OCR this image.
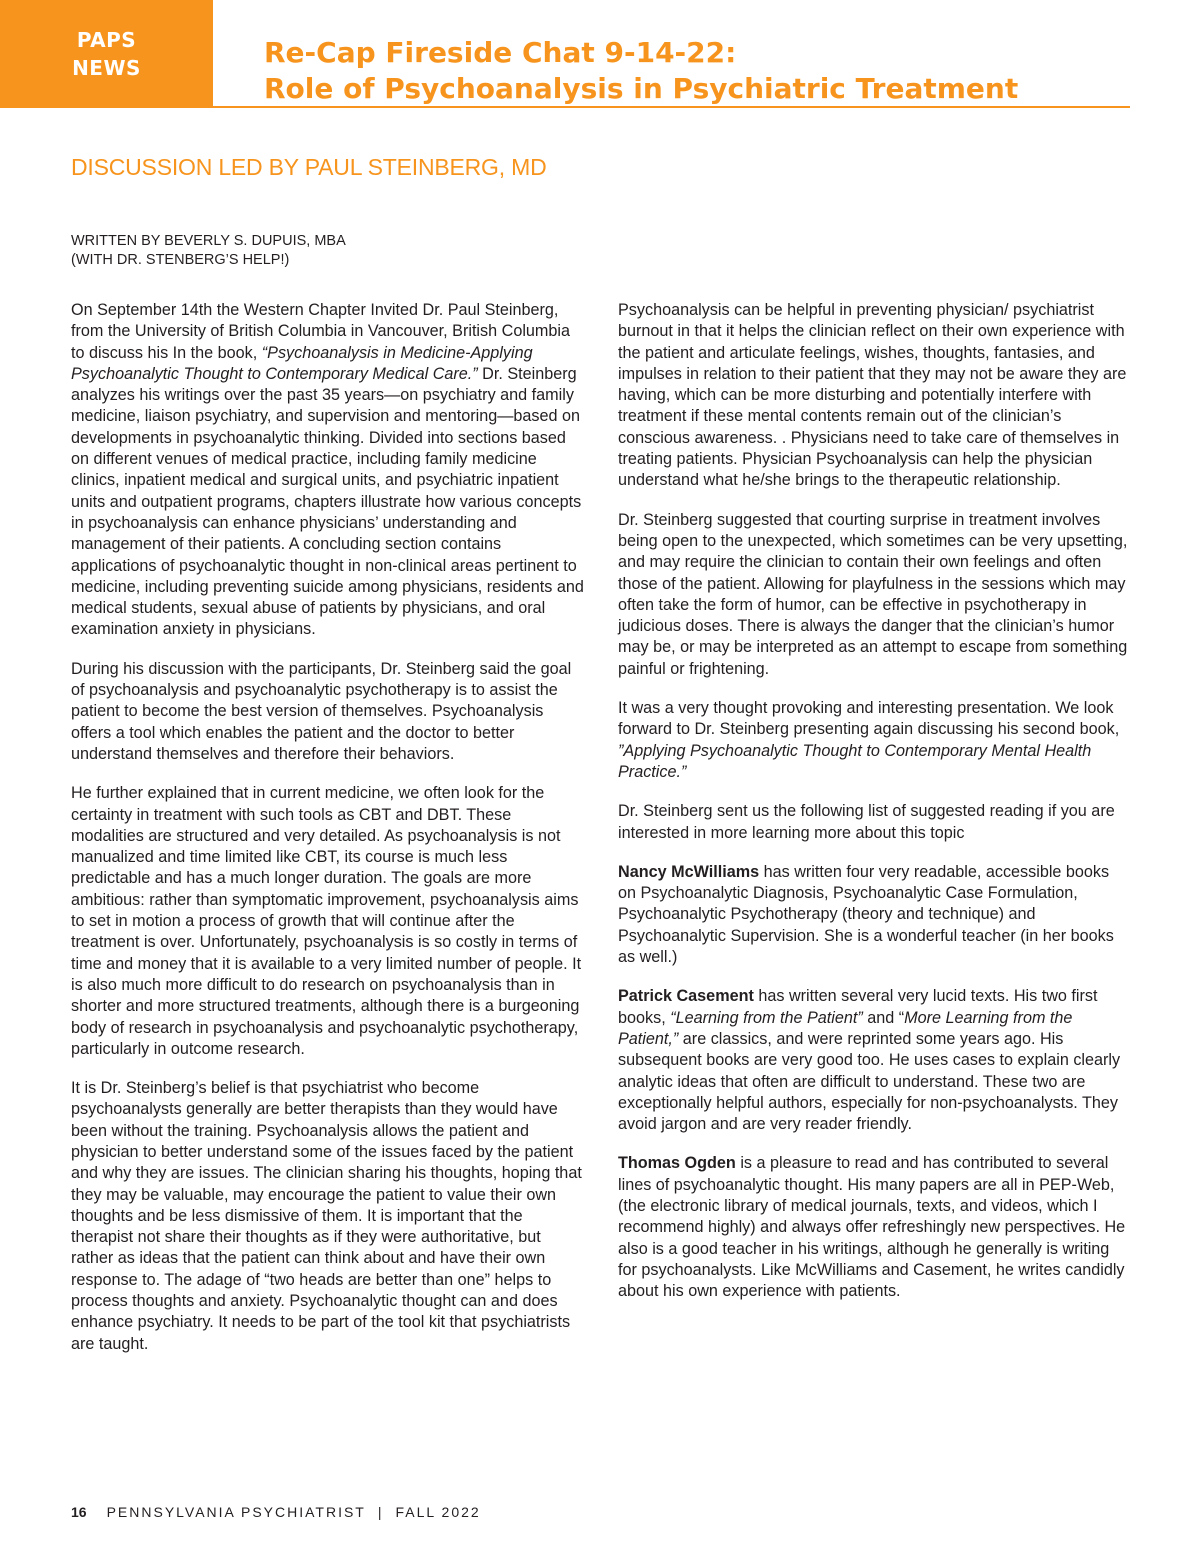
PAPS
NEWS	Re-Cap Fireside Chat 9-14-22:
Role of Psychoanalysis in Psychiatric Treatment
DISCUSSION LED BY PAUL STEINBERG, MD
WRITTEN BY BEVERLY S. DUPUIS, MBA
(WITH DR. STENBERG’S HELP!)

On September 14th the Western Chapter Invited Dr. Paul Steinberg, from the University of British Columbia in Vancouver, British Columbia to discuss his In the book, “Psychoanalysis in Medicine-Applying Psychoanalytic Thought to Contemporary Medical Care.” Dr. Steinberg analyzes his writings over the past 35 years—on psychiatry and family medicine, liaison psychiatry, and supervision and mentoring—based on developments in psychoanalytic thinking. Divided into sections based on different venues of medical practice, including family medicine clinics, inpatient medical and surgical units, and psychiatric inpatient units and outpatient programs, chapters illustrate how various concepts in psychoanalysis can enhance physicians’ understanding and management of their patients. A concluding section contains applications of psychoanalytic thought in non-clinical areas pertinent to medicine, including preventing suicide among physicians, residents and medical students, sexual abuse of patients by physicians, and oral examination anxiety in physicians.

During his discussion with the participants, Dr. Steinberg said the goal of psychoanalysis and psychoanalytic psychotherapy is to assist the patient to become the best version of themselves. Psychoanalysis offers a tool which enables the patient and the doctor to better understand themselves and therefore their behaviors.

He further explained that in current medicine, we often look for the certainty in treatment with such tools as CBT and DBT. These modalities are structured and very detailed. As psychoanalysis is not manualized and time limited like CBT, its course is much less predictable and has a much longer duration. The goals are more ambitious: rather than symptomatic improvement, psychoanalysis aims to set in motion a process of growth that will continue after the treatment is over. Unfortunately, psychoanalysis is so costly in terms of time and money that it is available to a very limited number of people. It is also much more difficult to do research on psychoanalysis than in shorter and more structured treatments, although there is a burgeoning body of research in psychoanalysis and psychoanalytic psychotherapy, particularly in outcome research.

It is Dr. Steinberg’s belief is that psychiatrist who become psychoanalysts generally are better therapists than they would have been without the training. Psychoanalysis allows the patient and physician to better understand some of the issues faced by the patient and why they are issues. The clinician sharing his thoughts, hoping that they may be valuable, may encourage the patient to value their own thoughts and be less dismissive of them. It is important that the therapist not share their thoughts as if they were authoritative, but rather as ideas that the patient can think about and have their own response to. The adage of “two heads are better than one” helps to process thoughts and anxiety. Psychoanalytic thought can and does enhance psychiatry. It needs to be part of the tool kit that psychiatrists are taught.

Psychoanalysis can be helpful in preventing physician/ psychiatrist burnout in that it helps the clinician reflect on their own experience with the patient and articulate feelings, wishes, thoughts, fantasies, and impulses in relation to their patient that they may not be aware they are having, which can be more disturbing and potentially interfere with treatment if these mental contents remain out of the clinician’s conscious awareness. . Physicians need to take care of themselves in treating patients. Physician Psychoanalysis can help the physician understand what he/she brings to the therapeutic relationship.

Dr. Steinberg suggested that courting surprise in treatment involves being open to the unexpected, which sometimes can be very upsetting, and may require the clinician to contain their own feelings and often those of the patient. Allowing for playfulness in the sessions which may often take the form of humor, can be effective in psychotherapy in judicious doses. There is always the danger that the clinician’s humor may be, or may be interpreted as an attempt to escape from something painful or frightening.

It was a very thought provoking and interesting presentation. We look forward to Dr. Steinberg presenting again discussing his second book, ”Applying Psychoanalytic Thought to Contemporary Mental Health Practice.”

Dr. Steinberg sent us the following list of suggested reading if you are interested in more learning more about this topic

Nancy McWilliams has written four very readable, accessible books on Psychoanalytic Diagnosis, Psychoanalytic Case Formulation, Psychoanalytic Psychotherapy (theory and technique) and Psychoanalytic Supervision. She is a wonderful teacher (in her books as well.)

Patrick Casement has written several very lucid texts. His two first books, “Learning from the Patient” and “More Learning from the Patient,” are classics, and were reprinted some years ago. His subsequent books are very good too. He uses cases to explain clearly analytic ideas that often are difficult to understand. These two are exceptionally helpful authors, especially for non-psychoanalysts. They avoid jargon and are very reader friendly.

Thomas Ogden is a pleasure to read and has contributed to several lines of psychoanalytic thought. His many papers are all in PEP-Web, (the electronic library of medical journals, texts, and videos, which I recommend highly) and always offer refreshingly new perspectives. He also is a good teacher in his writings, although he generally is writing for psychoanalysts. Like McWilliams and Casement, he writes candidly about his own experience with patients.

16 PENNSYLVANIA PSYCHIATRIST | FALL 2022
